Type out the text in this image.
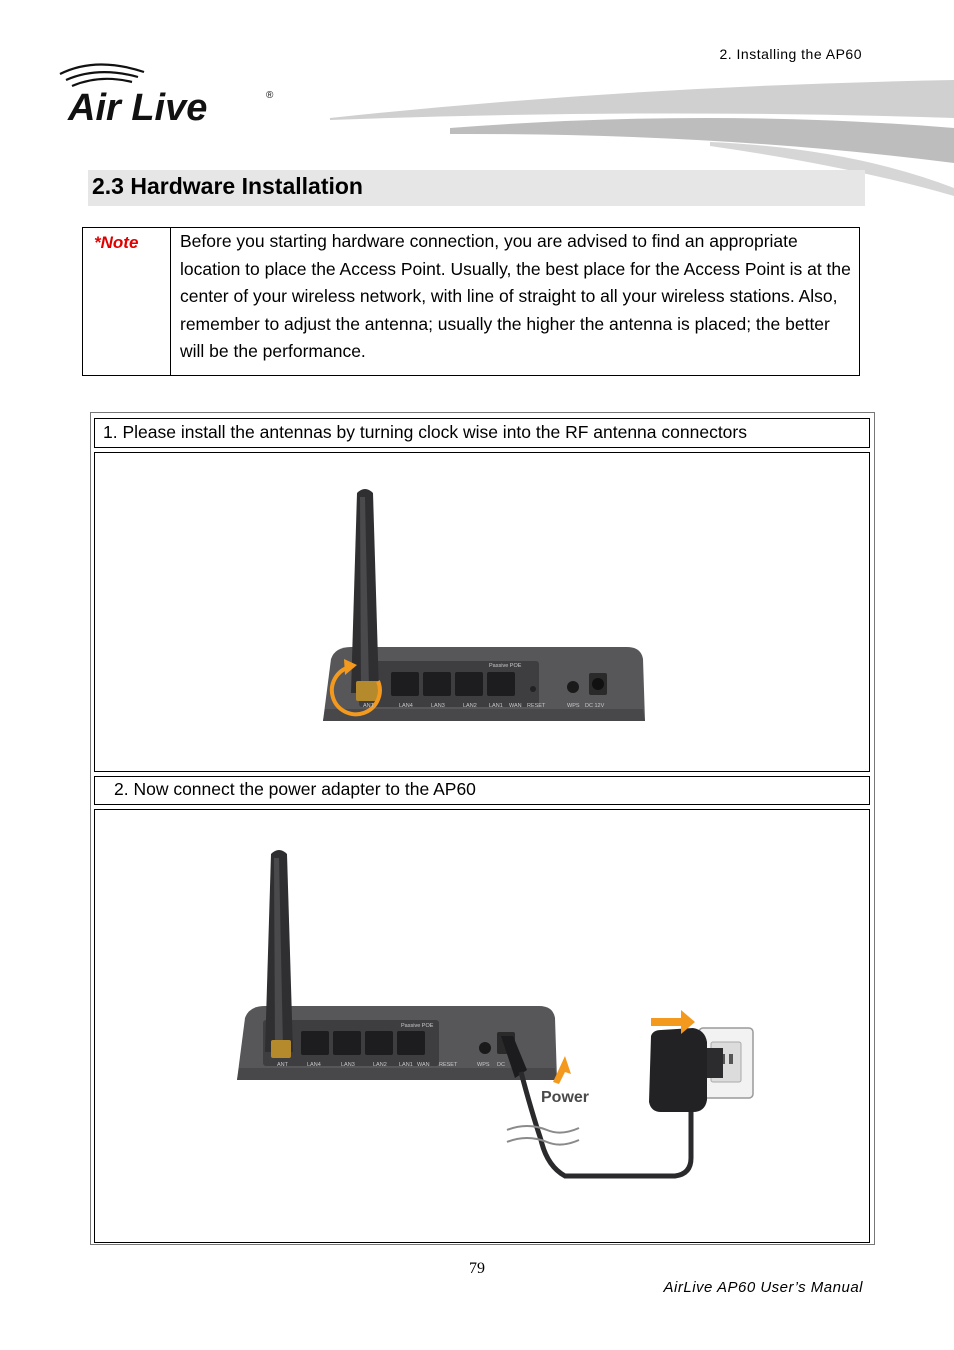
2. Installing the AP60
Air Live	®
2.3 Hardware Installation
*Note	Before you starting hardware connection, you are advised to find an appropriate location to place the Access Point. Usually, the best place for the Access Point is at the center of your wireless network, with line of straight to all your wireless stations. Also, remember to adjust the antenna; usually the higher the antenna is placed; the better will be the performance.
1. Please install the antennas by turning clock wise into the RF antenna connectors
Passive POE
ANT	LAN4	LAN3	LAN2 LAN1 WAN RESET	WPS DC 12V
2. Now connect the power adapter to the AP60
Power
Passive POE
ANT	LAN4	LAN3	LAN2 LAN1 WAN RESET	WPS DC
79
AirLive AP60 User’s Manual
